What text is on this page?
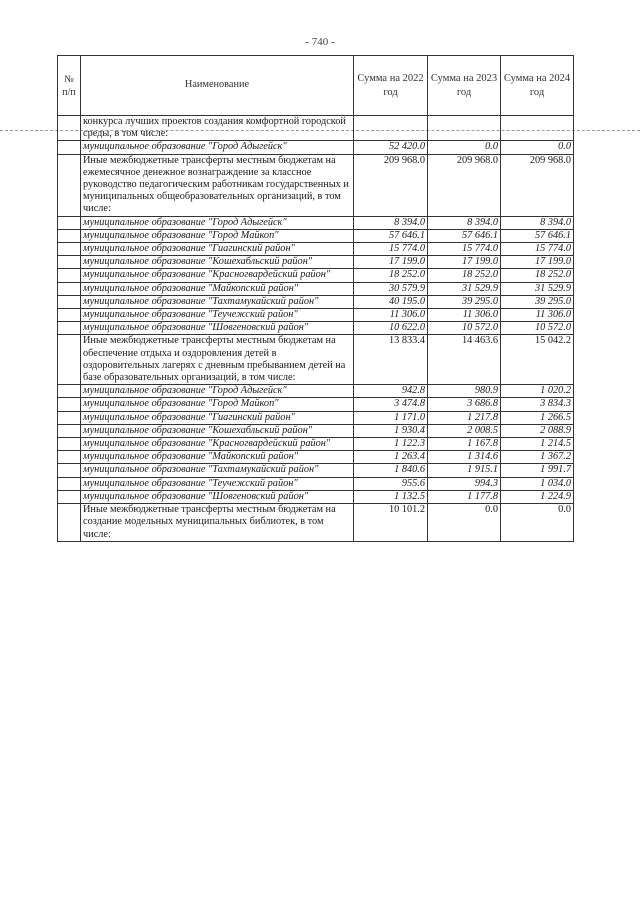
- 740 -
№ п/п	Наименование	Сумма на 2022 год	Сумма на 2023 год	Сумма на 2024 год
	конкурса лучших проектов создания комфортной городской среды, в том числе:			
	муниципальное образование "Город Адыгейск"	52 420.0	0.0	0.0
	Иные межбюджетные трансферты местным бюджетам на ежемесячное денежное вознаграждение за классное руководство педагогическим работникам государственных и муниципальных общеобразовательных организаций, в том числе:	209 968.0	209 968.0	209 968.0
	муниципальное образование "Город Адыгейск"	8 394.0	8 394.0	8 394.0
	муниципальное образование "Город Майкоп"	57 646.1	57 646.1	57 646.1
	муниципальное образование "Гиагинский район"	15 774.0	15 774.0	15 774.0
	муниципальное образование "Кошехабльский район"	17 199.0	17 199.0	17 199.0
	муниципальное образование "Красногвардейский район"	18 252.0	18 252.0	18 252.0
	муниципальное образование "Майкопский район"	30 579.9	31 529.9	31 529.9
	муниципальное образование "Тахтамукайский район"	40 195.0	39 295.0	39 295.0
	муниципальное образование "Теучежский район"	11 306.0	11 306.0	11 306.0
	муниципальное образование "Шовгеновский район"	10 622.0	10 572.0	10 572.0
	Иные межбюджетные трансферты местным бюджетам на обеспечение отдыха и оздоровления детей в оздоровительных лагерях с дневным пребыванием детей на базе образовательных организаций, в том числе:	13 833.4	14 463.6	15 042.2
	муниципальное образование "Город Адыгейск"	942.8	980.9	1 020.2
	муниципальное образование "Город Майкоп"	3 474.8	3 686.8	3 834.3
	муниципальное образование "Гиагинский район"	1 171.0	1 217.8	1 266.5
	муниципальное образование "Кошехабльский район"	1 930.4	2 008.5	2 088.9
	муниципальное образование "Красногвардейский район"	1 122.3	1 167.8	1 214.5
	муниципальное образование "Майкопский район"	1 263.4	1 314.6	1 367.2
	муниципальное образование "Тахтамукайский район"	1 840.6	1 915.1	1 991.7
	муниципальное образование "Теучежский район"	955.6	994.3	1 034.0
	муниципальное образование "Шовгеновский район"	1 132.5	1 177.8	1 224.9
	Иные межбюджетные трансферты местным бюджетам на создание модельных муниципальных библиотек, в том числе:	10 101.2	0.0	0.0
